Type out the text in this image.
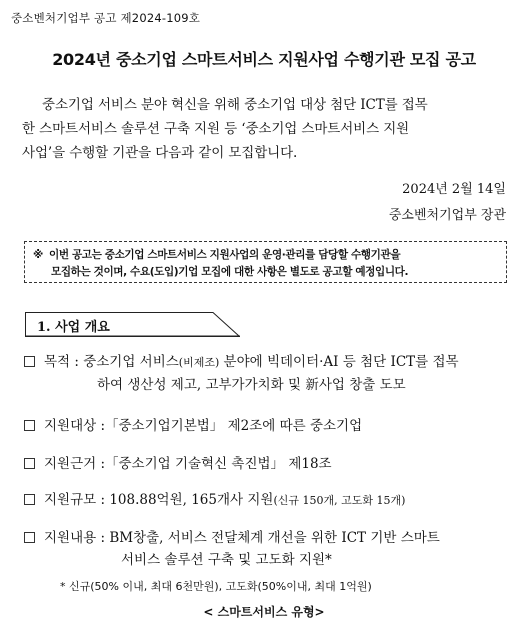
중소벤처기업부 공고 제2024-109호
2024년 중소기업 스마트서비스 지원사업 수행기관 모집 공고

중소기업 서비스 분야 혁신을 위해 중소기업 대상 첨단 ICT를 접목

한 스마트서비스 솔루션 구축 지원 등 ‘중소기업 스마트서비스 지원

사업’을 수행할 기관을 다음과 같이 모집합니다.

2024년 2월 14일
중소벤처기업부 장관
※ 이번 공고는 중소기업 스마트서비스 지원사업의 운영·관리를 담당할 수행기관을
모집하는 것이며, 수요(도입)기업 모집에 대한 사항은 별도로 공고할 예정입니다.
1. 사업 개요
목적 : 중소기업 서비스(비제조) 분야에 빅데이터·AI 등 첨단 ICT를 접목
하여 생산성 제고, 고부가가치화 및 新사업 창출 도모
지원대상 :「중소기업기본법」 제2조에 따른 중소기업
지원근거 :「중소기업 기술혁신 촉진법」 제18조
지원규모 : 108.88억원, 165개사 지원(신규 150개, 고도화 15개)
지원내용 : BM창출, 서비스 전달체계 개선을 위한 ICT 기반 스마트
서비스 솔루션 구축 및 고도화 지원*
* 신규(50% 이내, 최대 6천만원), 고도화(50%이내, 최대 1억원)
< 스마트서비스 유형>
